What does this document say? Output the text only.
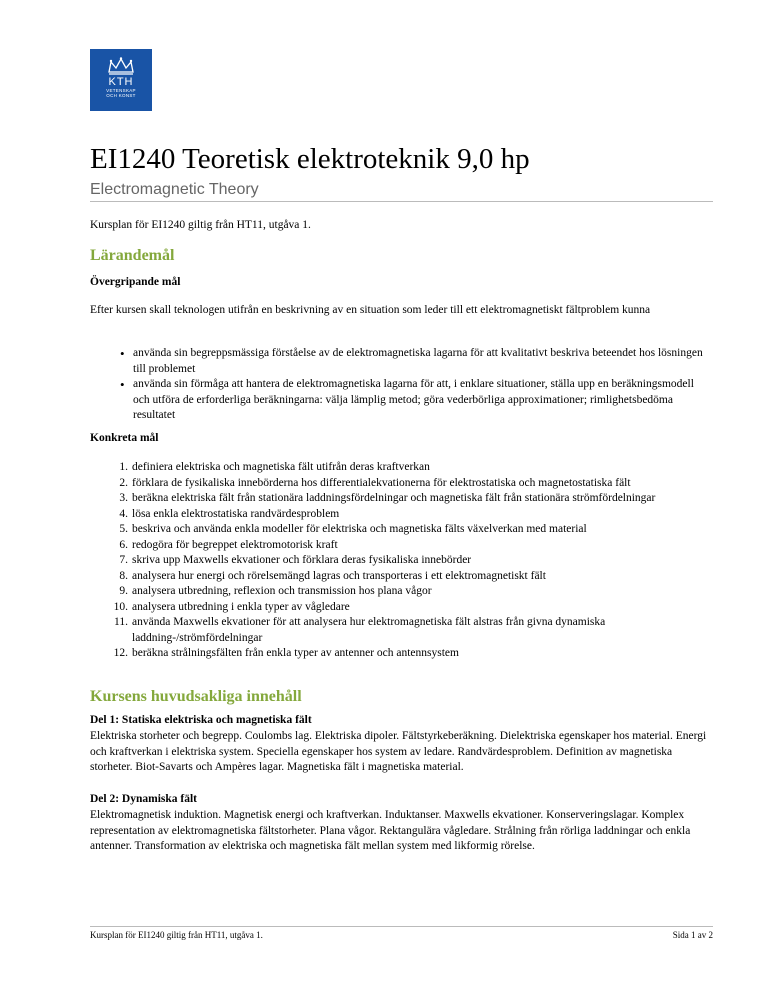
KTH
VETENSKAP
OCH KONST
EI1240 Teoretisk elektroteknik 9,0 hp

Electromagnetic Theory

Kursplan för EI1240 giltig från HT11, utgåva 1.

Lärandemål
Övergripande mål

Efter kursen skall teknologen utifrån en beskrivning av en situation som leder till ett elektromagnetiskt fältproblem kunna

• använda sin begreppsmässiga förståelse av de elektromagnetiska lagarna för att kvalitativt beskriva beteendet hos lösningen till problemet
• använda sin förmåga att hantera de elektromagnetiska lagarna för att, i enklare situationer, ställa upp en beräkningsmodell och utföra de erforderliga beräkningarna: välja lämplig metod; göra vederbörliga approximationer; rimlighetsbedöma resultatet
Konkreta mål
1. definiera elektriska och magnetiska fält utifrån deras kraftverkan
2. förklara de fysikaliska innebörderna hos differentialekvationerna för elektrostatiska och magnetostatiska fält
3. beräkna elektriska fält från stationära laddningsfördelningar och magnetiska fält från stationära strömfördelningar
4. lösa enkla elektrostatiska randvärdesproblem
5. beskriva och använda enkla modeller för elektriska och magnetiska fälts växelverkan med material
6. redogöra för begreppet elektromotorisk kraft
7. skriva upp Maxwells ekvationer och förklara deras fysikaliska innebörder
8. analysera hur energi och rörelsemängd lagras och transporteras i ett elektromagnetiskt fält
9. analysera utbredning, reflexion och transmission hos plana vågor
10. analysera utbredning i enkla typer av vågledare
11. använda Maxwells ekvationer för att analysera hur elektromagnetiska fält alstras från givna dynamiska laddning-/strömfördelningar
12. beräkna strålningsfälten från enkla typer av antenner och antennsystem
Kursens huvudsakliga innehåll
Del 1: Statiska elektriska och magnetiska fält

Elektriska storheter och begrepp. Coulombs lag. Elektriska dipoler. Fältstyrkeberäkning. Dielektriska egenskaper hos material. Energi och kraftverkan i elektriska system. Speciella egenskaper hos system av ledare. Randvärdesproblem. Definition av magnetiska storheter. Biot-Savarts och Ampères lagar. Magnetiska fält i magnetiska material.

Del 2: Dynamiska fält

Elektromagnetisk induktion. Magnetisk energi och kraftverkan. Induktanser. Maxwells ekvationer. Konserveringslagar. Komplex representation av elektromagnetiska fältstorheter. Plana vågor. Rektangulära vågledare. Strålning från rörliga laddningar och enkla antenner. Transformation av elektriska och magnetiska fält mellan system med likformig rörelse.

Kursplan för EI1240 giltig från HT11, utgåva 1.	Sida 1 av 2
